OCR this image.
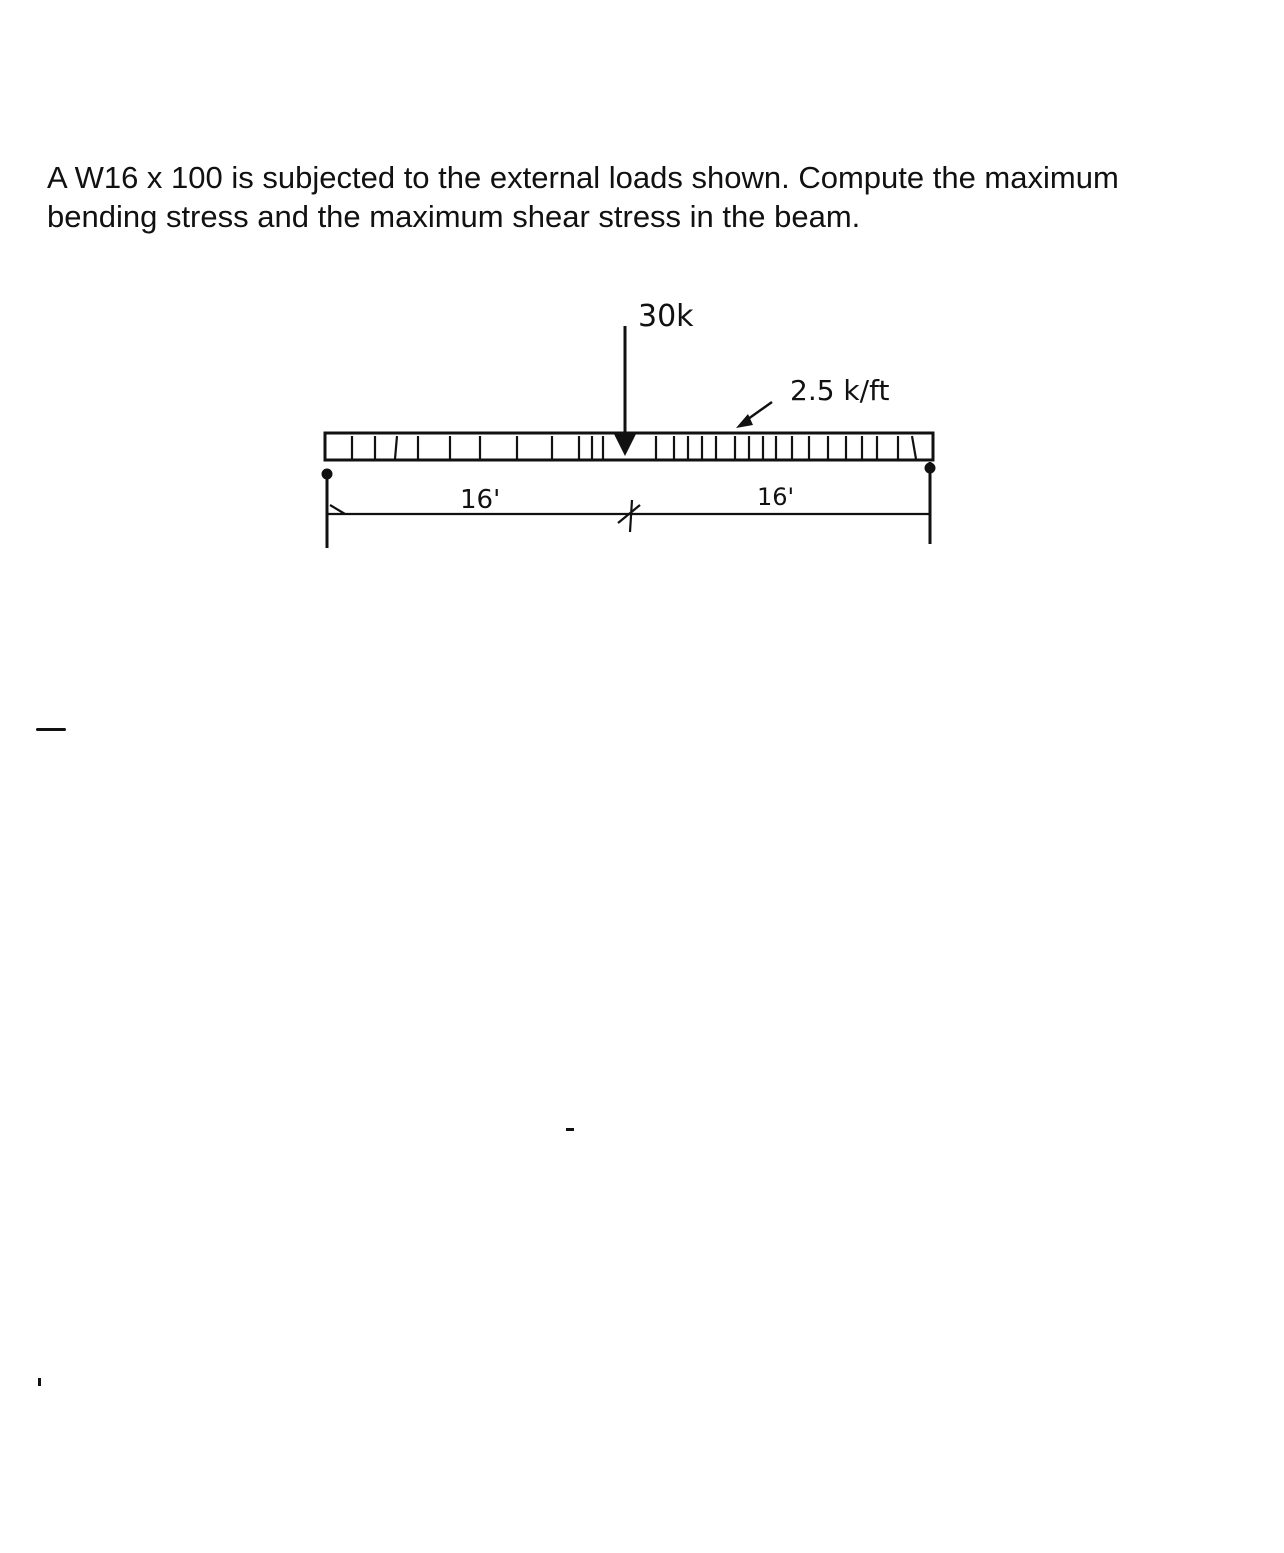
A W16 x 100 is subjected to the external loads shown. Compute the maximum
bending stress and the maximum shear stress in the beam.

30k
2.5 k/ft
16'	16'
